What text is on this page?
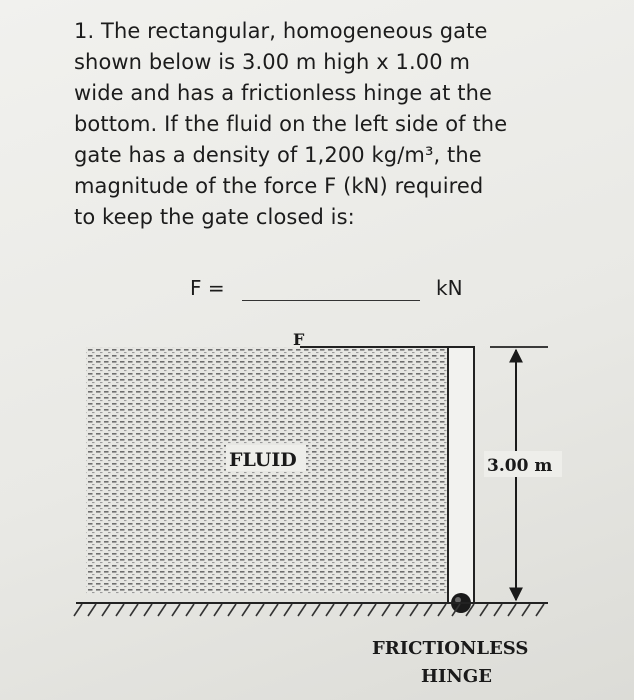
1. The rectangular, homogeneous gate
shown below is 3.00 m high x 1.00 m
wide and has a frictionless hinge at the
bottom. If the fluid on the left side of the
gate has a density of 1,200 kg/m³, the
magnitude of the force F (kN) required
to keep the gate closed is:
F =	kN
FLUID
F
3.00 m
FRICTIONLESS
HINGE
